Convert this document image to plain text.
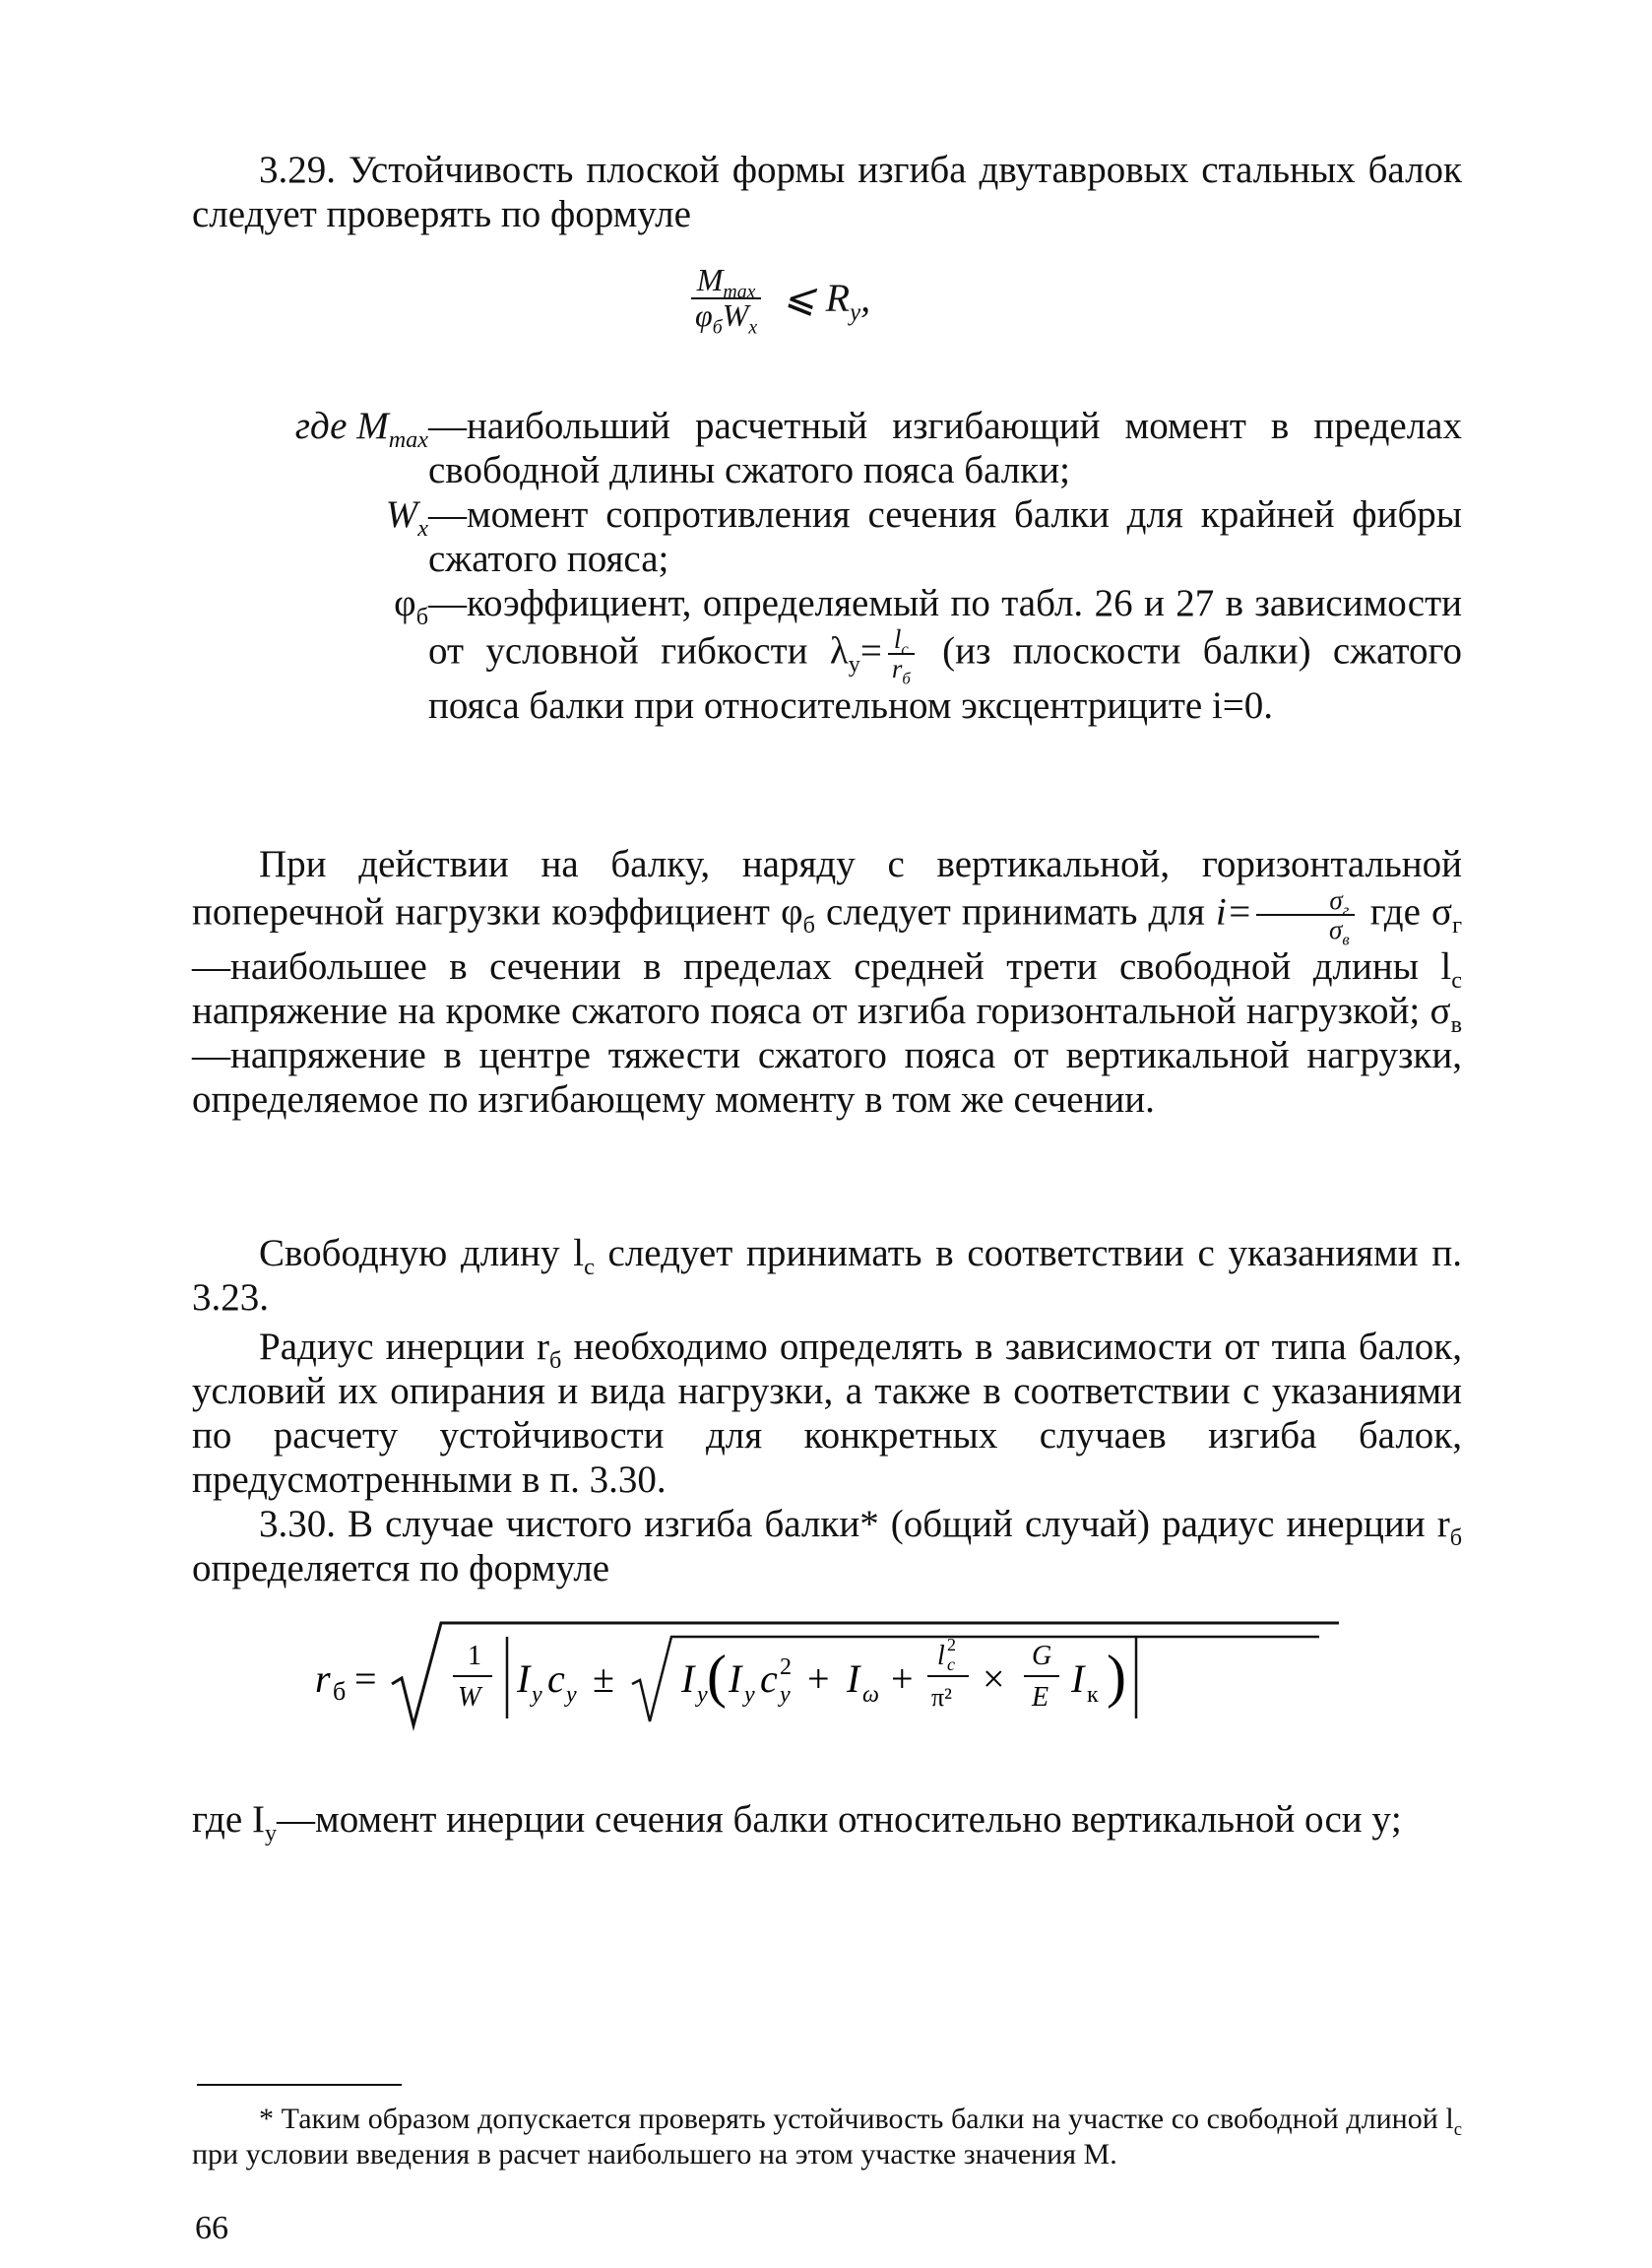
3.29. Устойчивость плоской формы изгиба двутавровых стальных балок следует проверять по формуле
$\frac{M_{max}}{\varphi_бW_x}$ ⩽ $R_y$,
где $M_{max}$ —наибольший расчетный изгибающий момент в пределах свободной длины сжатого пояса балки;
$W_x$ —момент сопротивления сечения балки для крайней фибры сжатого пояса;
$\varphi_б$ —коэффициент, определяемый по табл. 26 и 27 в зависимости от условной гибкости $\lambda_y= \frac{l_c}{r_б} (из$ плоскости балки) сжатого пояса балки при относительном эксцентриците i=0.
При действии на балку, наряду с вертикальной, горизонтальной поперечной нагрузки коэффициент $\varphi_б$ следует принимать для $i= \frac{\sigma_г}{\sigma_в}$ где $\sigma_г—наибольшее$ в сечении в пределах средней трети свободной длины $l_c$ напряжение на кромке сжатого пояса от изгиба горизонтальной нагрузкой; $\sigma_в—напряжение$ в центре тяжести сжатого пояса от вертикальной нагрузки, определяемое по изгибающему моменту в том же сечении.
Свободную длину $l_c$ следует принимать в соответствии с указаниями п. 3.23.
Радиус инерции $r_б$ необходимо определять в зависимости от типа балок, условий их опирания и вида нагрузки, а также в соответствии с указаниями по расчету устойчивости для конкретных случаев изгиба балок, предусмотренными в п. 3.30.
3.30. В случае чистого изгиба балки* (общий случай) радиус инерции $r_б$ определяется по формуле
r б =
1
W I y c y ± I y ( I y c 2
y + I ω +
l 2
c
π² ×
G
E I к )
где $I_y$ —момент инерции сечения балки относительно вертикальной оси y;
* Таким образом допускается проверять устойчивость балки на участке со свободной длиной $l_c$ при условии введения в расчет наибольшего на этом участке значения M.
66
